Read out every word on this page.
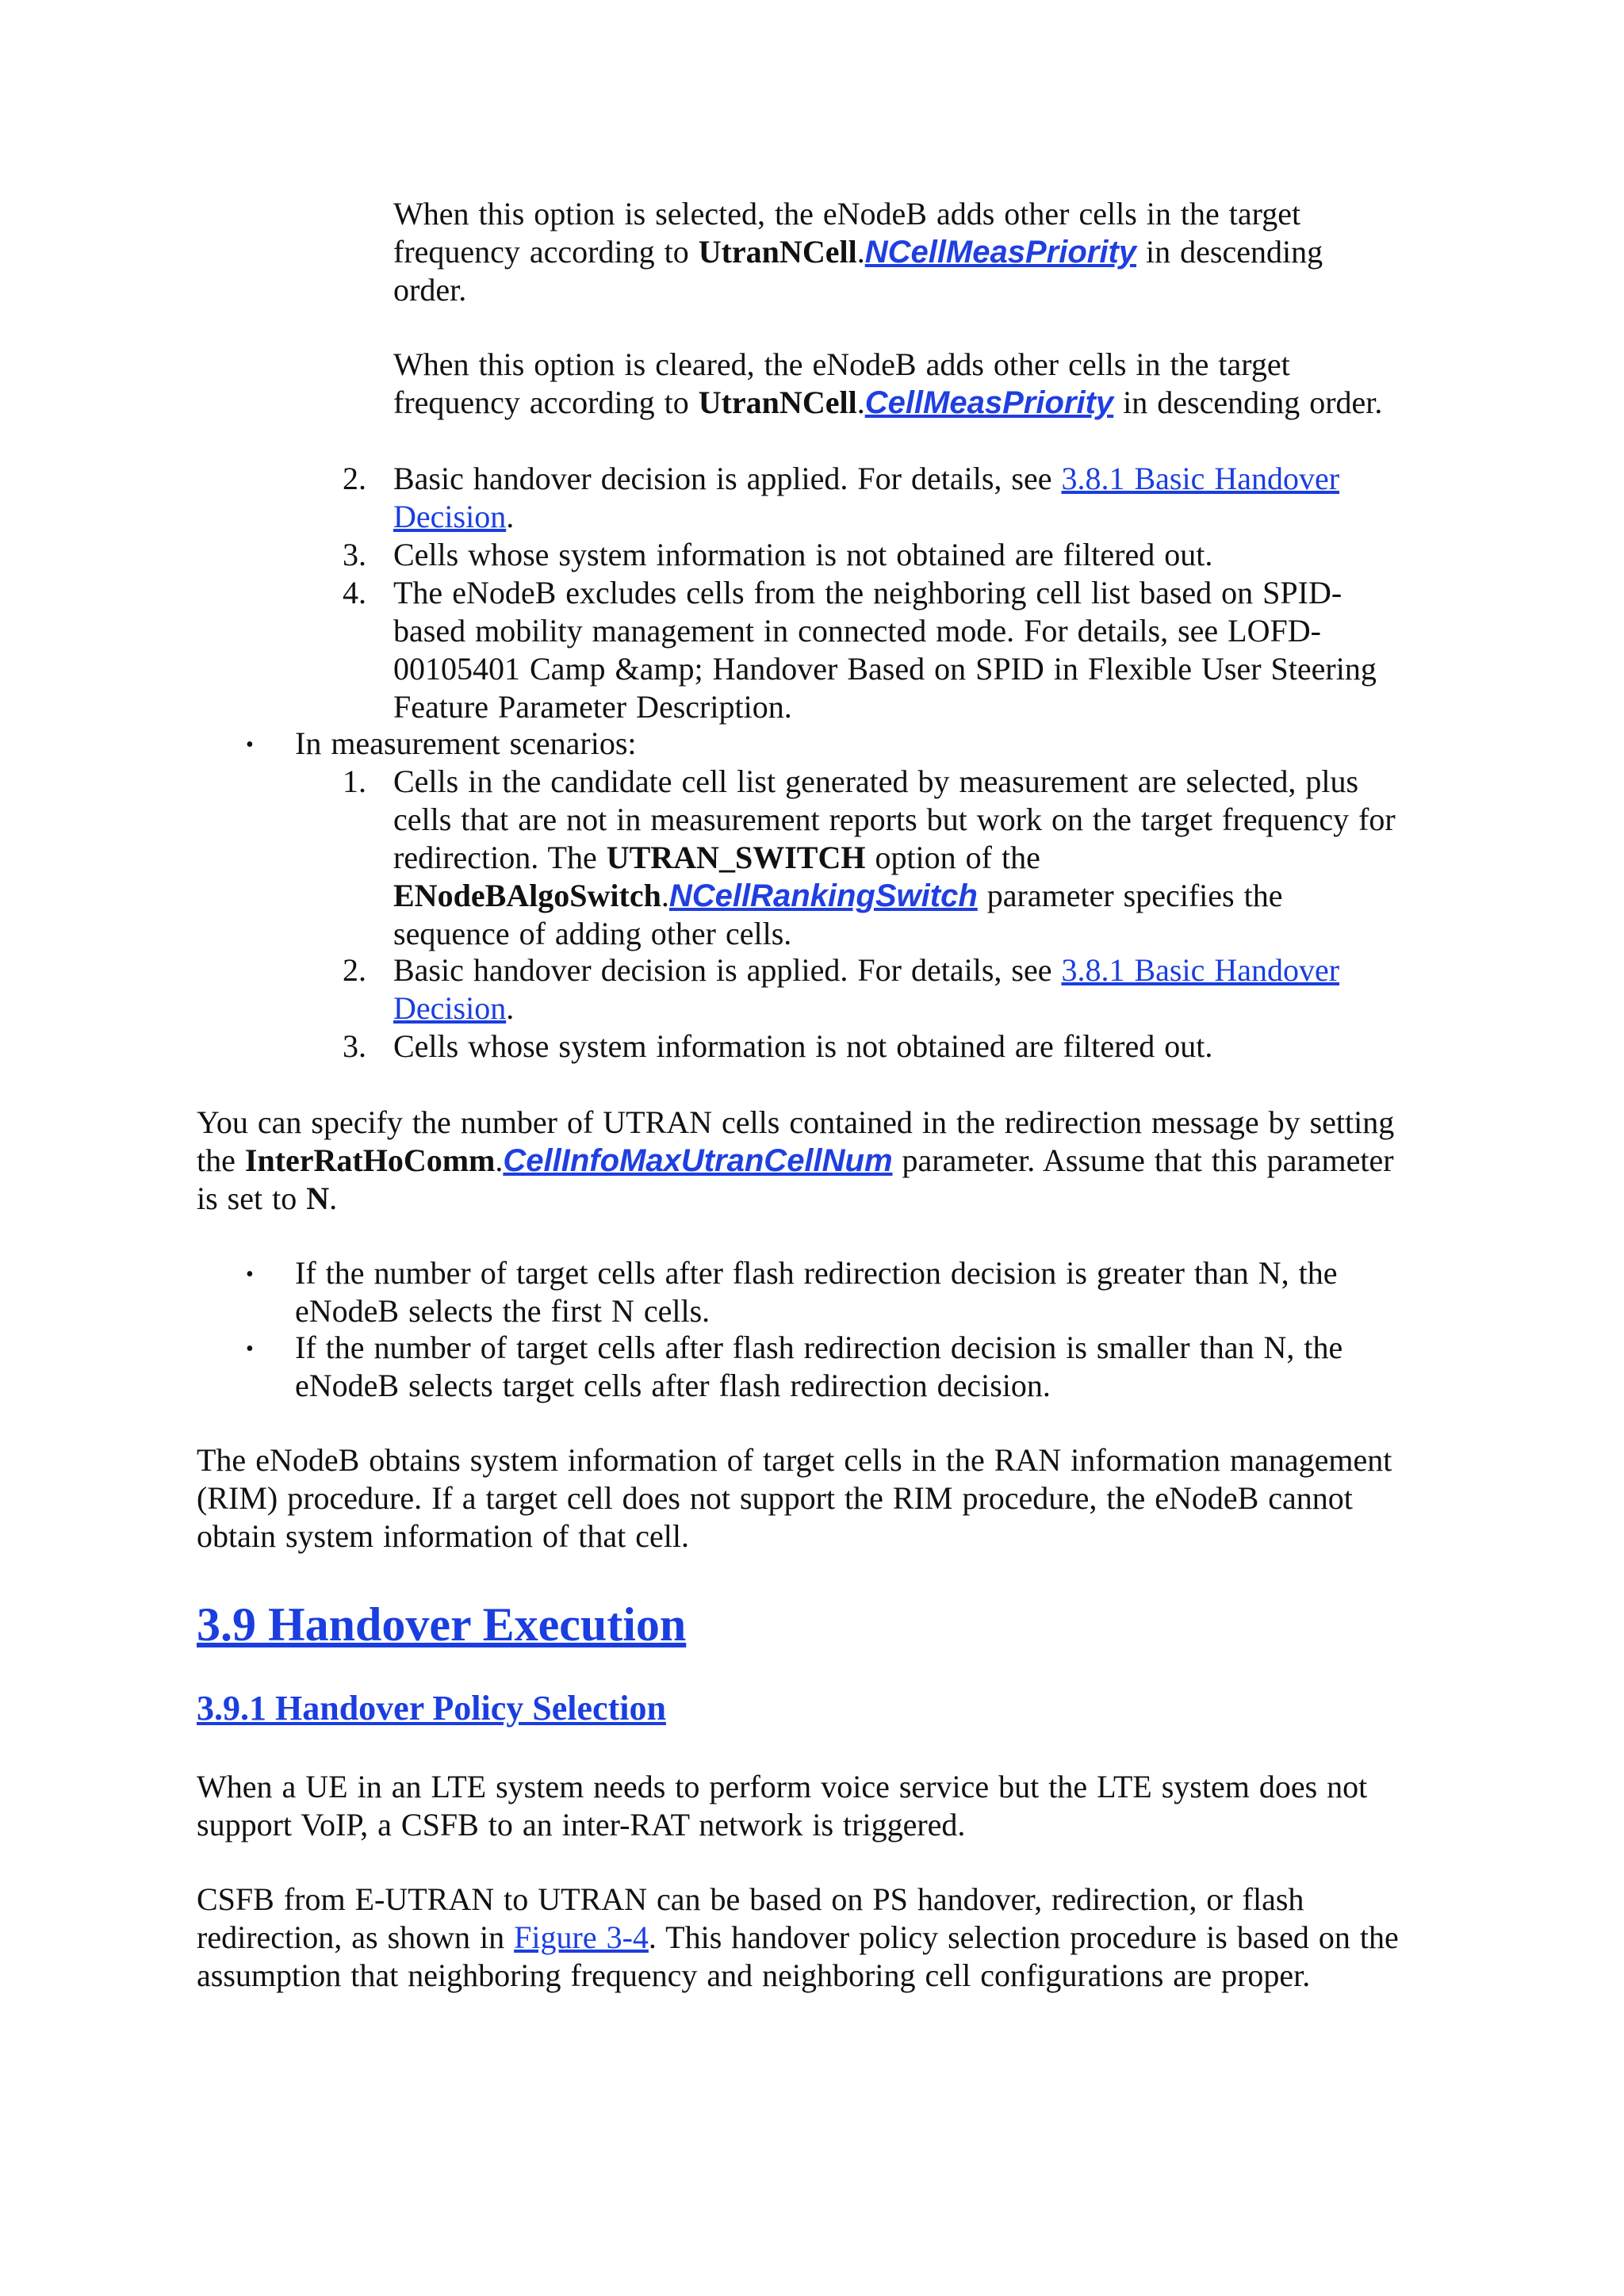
When this option is selected, the eNodeB adds other cells in the target
frequency according to UtranNCell.NCellMeasPriority in descending
order.
When this option is cleared, the eNodeB adds other cells in the target
frequency according to UtranNCell.CellMeasPriority in descending order.
2. Basic handover decision is applied. For details, see 3.8.1 Basic Handover
Decision.
3. Cells whose system information is not obtained are filtered out.
4. The eNodeB excludes cells from the neighboring cell list based on SPID-
based mobility management in connected mode. For details, see LOFD-
00105401 Camp &amp; Handover Based on SPID in Flexible User Steering
Feature Parameter Description.
• In measurement scenarios:
1. Cells in the candidate cell list generated by measurement are selected, plus
cells that are not in measurement reports but work on the target frequency for
redirection. The UTRAN_SWITCH option of the
ENodeBAlgoSwitch.NCellRankingSwitch parameter specifies the
sequence of adding other cells.
2. Basic handover decision is applied. For details, see 3.8.1 Basic Handover
Decision.
3. Cells whose system information is not obtained are filtered out.
You can specify the number of UTRAN cells contained in the redirection message by setting
the InterRatHoComm.CellInfoMaxUtranCellNum parameter. Assume that this parameter
is set to N.
• If the number of target cells after flash redirection decision is greater than N, the
eNodeB selects the first N cells.
• If the number of target cells after flash redirection decision is smaller than N, the
eNodeB selects target cells after flash redirection decision.
The eNodeB obtains system information of target cells in the RAN information management
(RIM) procedure. If a target cell does not support the RIM procedure, the eNodeB cannot
obtain system information of that cell.
3.9 Handover Execution
3.9.1 Handover Policy Selection
When a UE in an LTE system needs to perform voice service but the LTE system does not
support VoIP, a CSFB to an inter-RAT network is triggered.
CSFB from E-UTRAN to UTRAN can be based on PS handover, redirection, or flash
redirection, as shown in Figure 3-4. This handover policy selection procedure is based on the
assumption that neighboring frequency and neighboring cell configurations are proper.
